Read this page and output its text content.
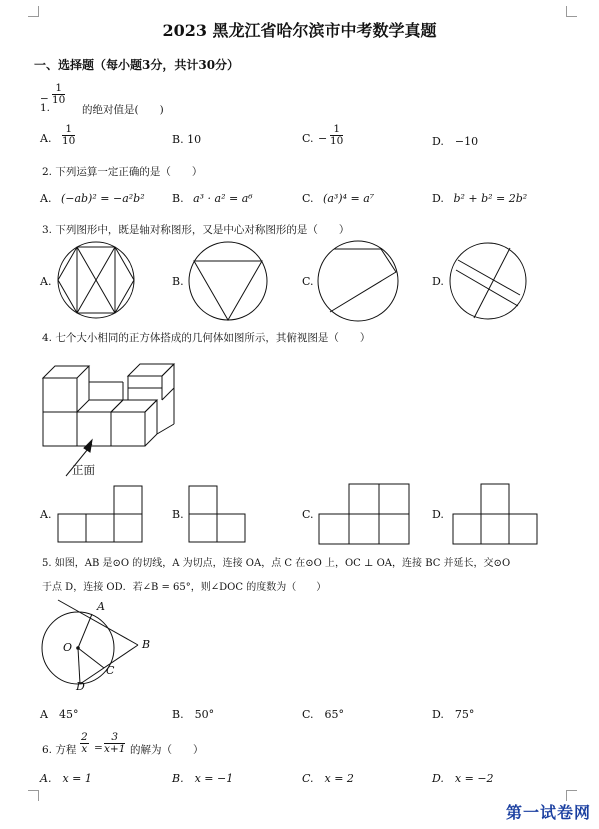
2023 黑龙江省哈尔滨市中考数学真题
一、选择题（每小题3分，共计30分）
− $\frac{1}{10}$
1.	的绝对值是(　　)
A. $\frac{1}{10}$	B. 10	C. − $\frac{1}{10}$	D.　−10
2. 下列运算一定正确的是（　　）
A. (−ab)² = −a²b² B. a³ · a² = a⁶	C. (a³)⁴ = a⁷	D. b² + b² = 2b²
3. 下列图形中，既是轴对称图形，又是中心对称图形的是（　　）
A.	B.	C.	D.
4. 七个大小相同的正方体搭成的几何体如图所示，其俯视图是（　　）
正面
A.	B.	C.	D.
5. 如图，AB 是⊙O 的切线，A 为切点，连接 OA，点 C 在⊙O 上，OC ⊥ OA，连接 BC 并延长，交⊙O
于点 D，连接 OD．若∠B = 65°，则∠DOC 的度数为（　　）
A
B
C
D
O
A　45°	B.　50°	C.　65°	D.　75°
6. 方程 $\frac{2}{x} = \frac{3}{x+1}$ 的解为（　　）
A.　x = 1	B.　x = −1	C.　x = 2	D.　x = −2
第一试卷网
